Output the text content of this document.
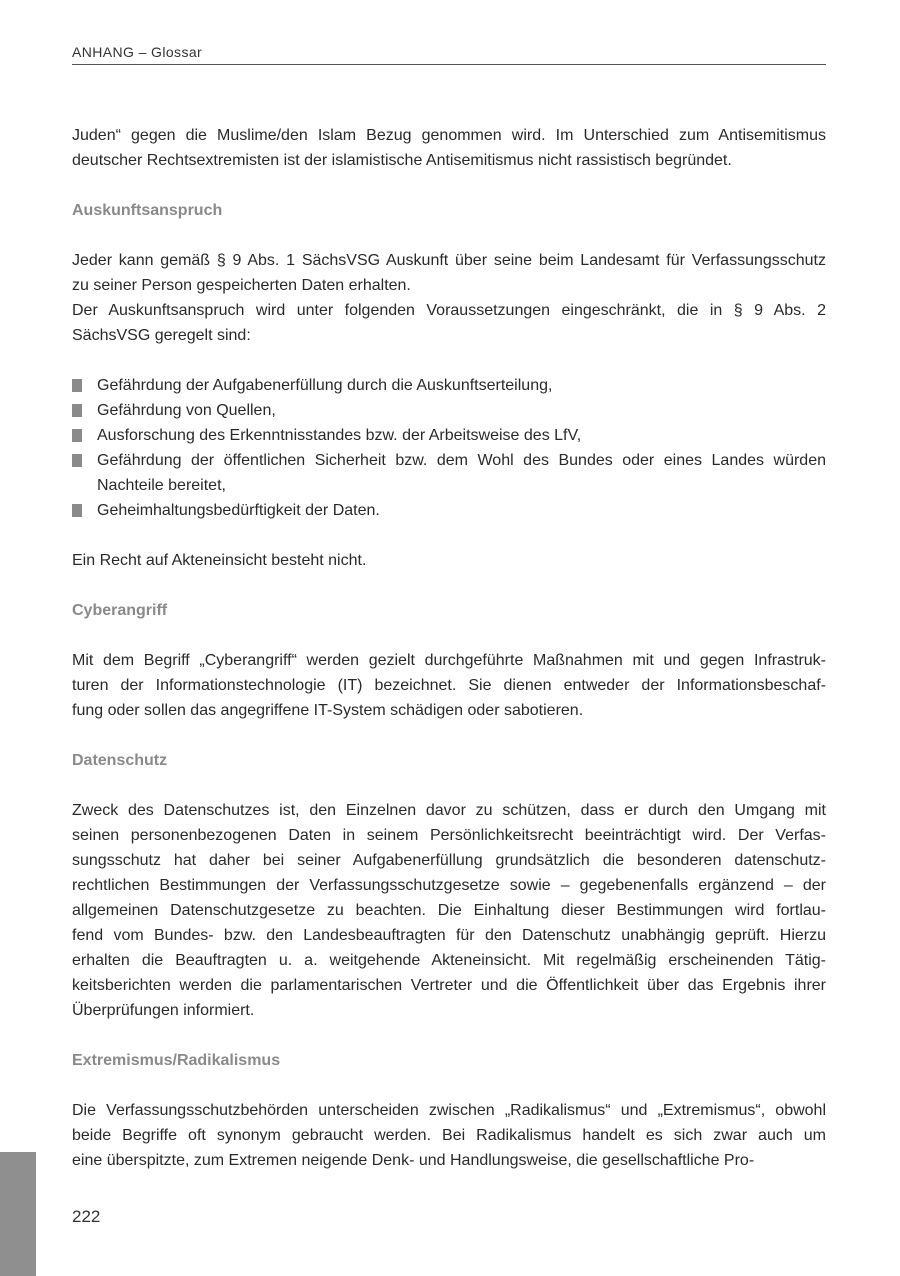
ANHANG – Glossar

Juden“ gegen die Muslime/den Islam Bezug genommen wird. Im Unterschied zum Antisemitismus
deutscher Rechtsextremisten ist der islamistische Antisemitismus nicht rassistisch begründet.

Auskunftsanspruch

Jeder kann gemäß § 9 Abs. 1 SächsVSG Auskunft über seine beim Landesamt für Verfassungsschutz
zu seiner Person gespeicherten Daten erhalten.

Der Auskunftsanspruch wird unter folgenden Voraussetzungen eingeschränkt, die in § 9 Abs. 2
SächsVSG geregelt sind:

Gefährdung der Aufgabenerfüllung durch die Auskunftserteilung,
Gefährdung von Quellen,
Ausforschung des Erkenntnisstandes bzw. der Arbeitsweise des LfV,
Gefährdung der öffentlichen Sicherheit bzw. dem Wohl des Bundes oder eines Landes würden Nachteile bereitet,
Geheimhaltungsbedürftigkeit der Daten.

Ein Recht auf Akteneinsicht besteht nicht.

Cyberangriff

Mit dem Begriff „Cyberangriff“ werden gezielt durchgeführte Maßnahmen mit und gegen Infrastruk-
turen der Informationstechnologie (IT) bezeichnet. Sie dienen entweder der Informationsbeschaf-
fung oder sollen das angegriffene IT-System schädigen oder sabotieren.

Datenschutz

Zweck des Datenschutzes ist, den Einzelnen davor zu schützen, dass er durch den Umgang mit
seinen personenbezogenen Daten in seinem Persönlichkeitsrecht beeinträchtigt wird. Der Verfas-
sungsschutz hat daher bei seiner Aufgabenerfüllung grundsätzlich die besonderen datenschutz-
rechtlichen Bestimmungen der Verfassungsschutzgesetze sowie – gegebenenfalls ergänzend – der
allgemeinen Datenschutzgesetze zu beachten. Die Einhaltung dieser Bestimmungen wird fortlau-
fend vom Bundes- bzw. den Landesbeauftragten für den Datenschutz unabhängig geprüft. Hierzu
erhalten die Beauftragten u. a. weitgehende Akteneinsicht. Mit regelmäßig erscheinenden Tätig-
keitsberichten werden die parlamentarischen Vertreter und die Öffentlichkeit über das Ergebnis ihrer
Überprüfungen informiert.

Extremismus/Radikalismus

Die Verfassungsschutzbehörden unterscheiden zwischen „Radikalismus“ und „Extremismus“, obwohl
beide Begriffe oft synonym gebraucht werden. Bei Radikalismus handelt es sich zwar auch um
eine überspitzte, zum Extremen neigende Denk- und Handlungsweise, die gesellschaftliche Pro-

222
